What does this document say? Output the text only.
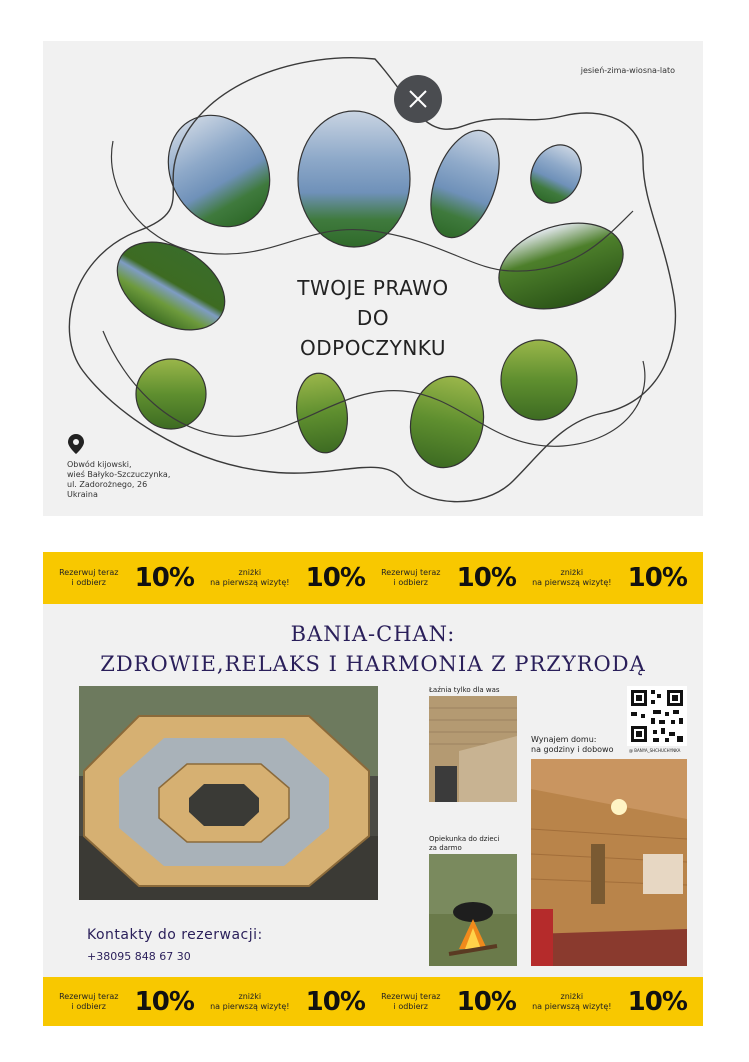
jesień-zima-wiosna-lato
TWOJE PRAWO
DO
ODPOCZYNKU
Obwód kijowski,
wieś Bałyko-Szczuczynka,
ul. Zadorożnego, 26
Ukraina
Rezerwuj teraz
i odbierz	10%	zniżki
na pierwszą wizytę! 10% Rezerwuj teraz
i odbierz	10%	zniżki
na pierwszą wizytę! 10%
BANIA-CHAN:
ZDROWIE,RELAKS I HARMONIA Z PRZYRODĄ
Łaźnia tylko dla was
@ BANYA_SHCHUCHYNKA
Wynajem domu:
na godziny i dobowo
Opiekunka do dzieci
za darmo
Kontakty do rezerwacji:
+38095 848 67 30
Rezerwuj teraz
i odbierz	10%	zniżki
na pierwszą wizytę! 10% Rezerwuj teraz
i odbierz	10%	zniżki
na pierwszą wizytę! 10%
